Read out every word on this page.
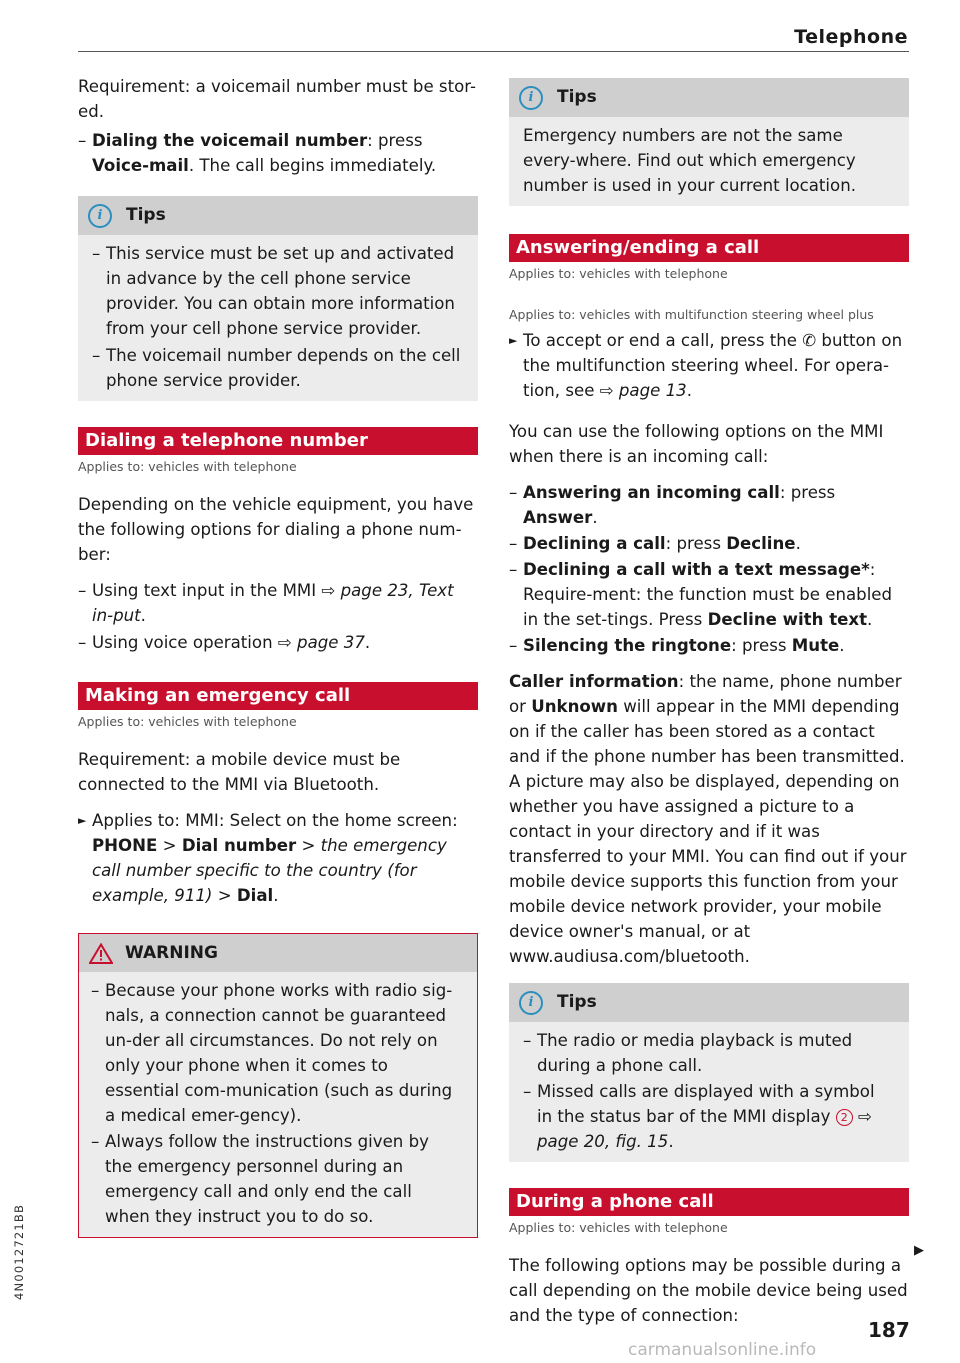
Telephone

Requirement: a voicemail number must be stor-ed.

– Dialing the voicemail number: press Voice-mail. The call begins immediately.

i	Tips

– This service must be set up and activated in advance by the cell phone service provider. You can obtain more information from your cell phone service provider.

– The voicemail number depends on the cell phone service provider.

Dialing a telephone number
Applies to: vehicles with telephone

Depending on the vehicle equipment, you have the following options for dialing a phone num-ber:

– Using text input in the MMI ⇨ page 23, Text in-put.

– Using voice operation ⇨ page 37.

Making an emergency call
Applies to: vehicles with telephone

Requirement: a mobile device must be connected to the MMI via Bluetooth.

► Applies to: MMI: Select on the home screen: PHONE > Dial number > the emergency call number specific to the country (for example, 911) > Dial.

WARNING

– Because your phone works with radio sig-nals, a connection cannot be guaranteed un-der all circumstances. Do not rely on only your phone when it comes to essential com-munication (such as during a medical emer-gency).

– Always follow the instructions given by the emergency personnel during an emergency call and only end the call when they instruct you to do so.

i	Tips

Emergency numbers are not the same every-where. Find out which emergency number is used in your current location.

Answering/ending a call
Applies to: vehicles with telephone
Applies to: vehicles with multifunction steering wheel plus

► To accept or end a call, press the ✆ button on the multifunction steering wheel. For opera-tion, see ⇨ page 13.

You can use the following options on the MMI when there is an incoming call:

– Answering an incoming call: press Answer.

– Declining a call: press Decline.

– Declining a call with a text message*: Require-ment: the function must be enabled in the set-tings. Press Decline with text.

– Silencing the ringtone: press Mute.

Caller information: the name, phone number or Unknown will appear in the MMI depending on if the caller has been stored as a contact and if the phone number has been transmitted. A picture may also be displayed, depending on whether you have assigned a picture to a contact in your directory and if it was transferred to your MMI. You can find out if your mobile device supports this function from your mobile device network provider, your mobile device owner's manual, or at www.audiusa.com/bluetooth.

i	Tips

– The radio or media playback is muted during a phone call.

– Missed calls are displayed with a symbol in the status bar of the MMI display 2 ⇨ page 20, fig. 15.

During a phone call
Applies to: vehicles with telephone

The following options may be possible during a call depending on the mobile device being used and the type of connection:

▶
4N0012721BB
187
carmanualsonline.info
